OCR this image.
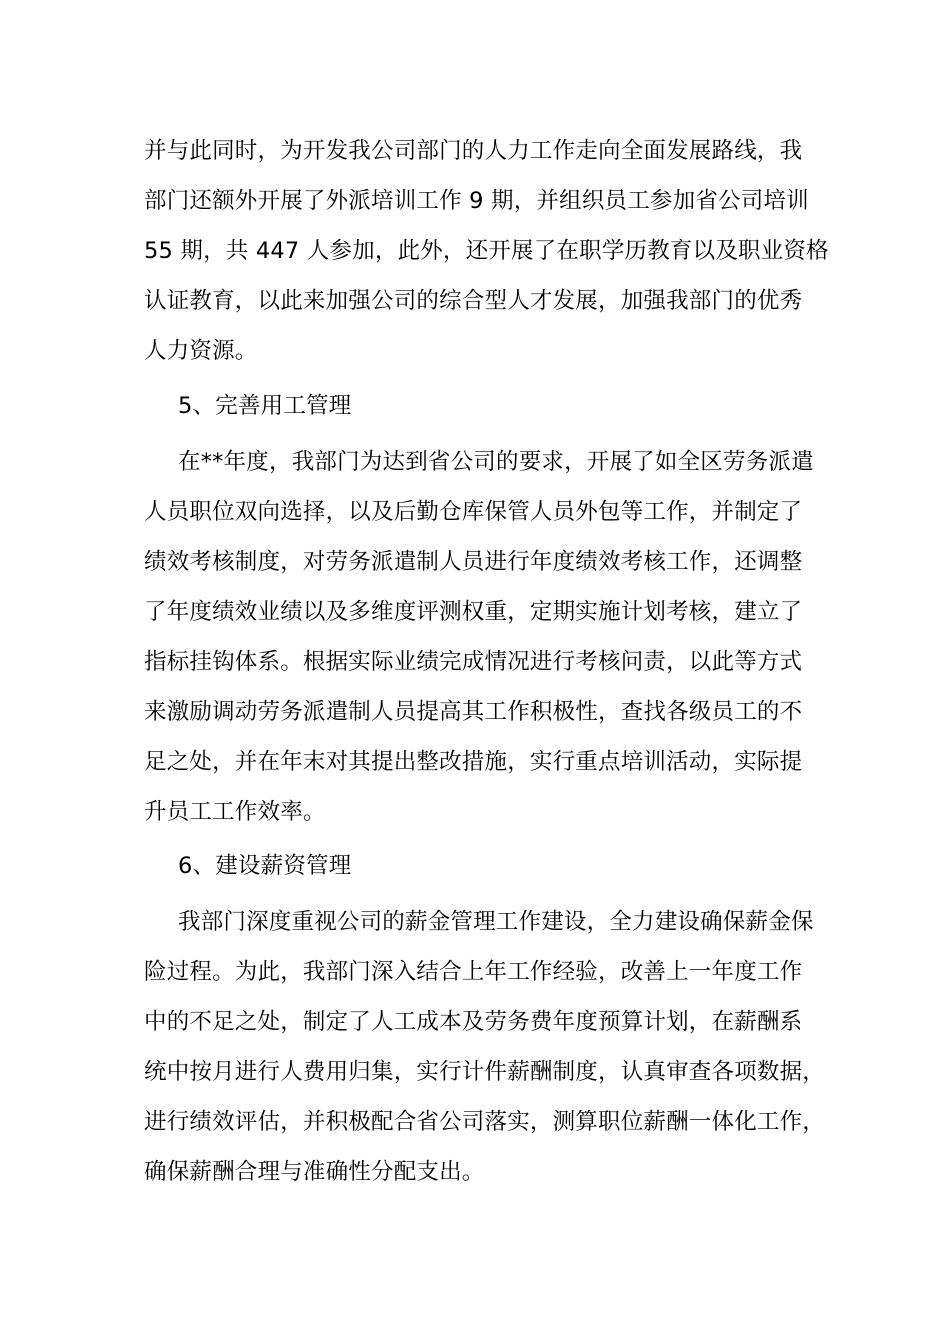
并与此同时，为开发我公司部门的人力工作走向全面发展路线，我
部门还额外开展了外派培训工作 9 期，并组织员工参加省公司培训
55 期，共 447 人参加，此外，还开展了在职学历教育以及职业资格
认证教育，以此来加强公司的综合型人才发展，加强我部门的优秀
人力资源。
5、完善用工管理
在**年度，我部门为达到省公司的要求，开展了如全区劳务派遣
人员职位双向选择，以及后勤仓库保管人员外包等工作，并制定了
绩效考核制度，对劳务派遣制人员进行年度绩效考核工作，还调整
了年度绩效业绩以及多维度评测权重，定期实施计划考核，建立了
指标挂钩体系。根据实际业绩完成情况进行考核问责，以此等方式
来激励调动劳务派遣制人员提高其工作积极性，查找各级员工的不
足之处，并在年末对其提出整改措施，实行重点培训活动，实际提
升员工工作效率。
6、建设薪资管理
我部门深度重视公司的薪金管理工作建设，全力建设确保薪金保
险过程。为此，我部门深入结合上年工作经验，改善上一年度工作
中的不足之处，制定了人工成本及劳务费年度预算计划，在薪酬系
统中按月进行人费用归集，实行计件薪酬制度，认真审查各项数据，
进行绩效评估，并积极配合省公司落实，测算职位薪酬一体化工作，
确保薪酬合理与准确性分配支出。
